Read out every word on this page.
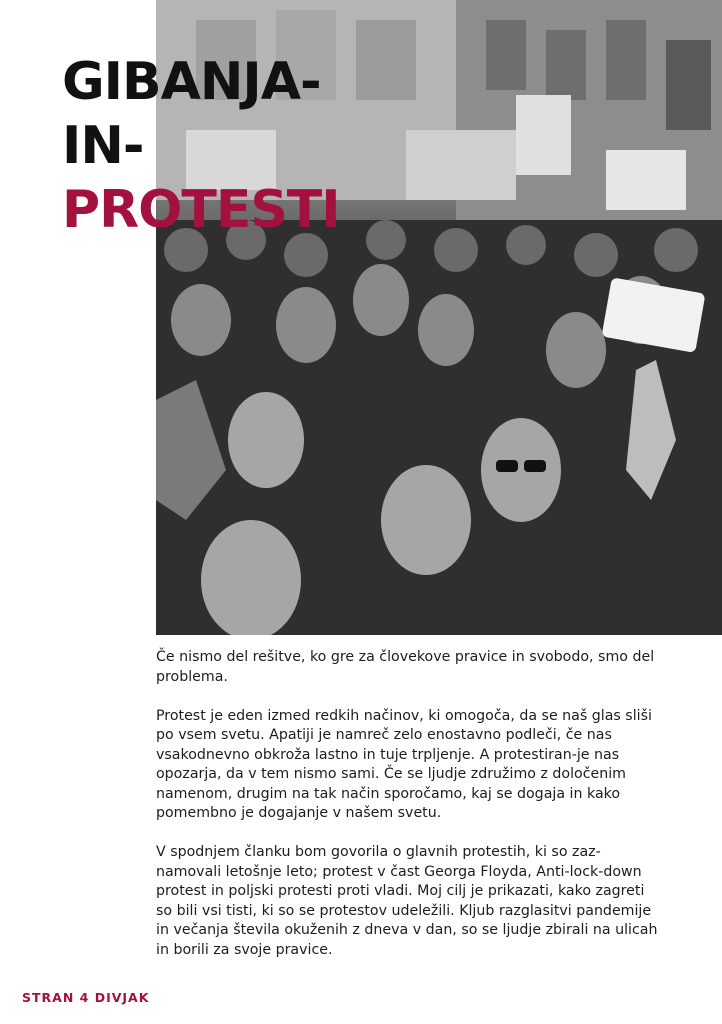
GIBANJA-
IN-
PROTESTI

Če nismo del rešitve, ko gre za človekove pravice in svobodo, smo del problema.

Protest je eden izmed redkih načinov, ki omogoča, da se naš glas sliši po vsem svetu. Apatiji je namreč zelo enostavno podleči, če nas vsakodnevno obkroža lastno in tuje trpljenje. A protestiran-je nas opozarja, da v tem nismo sami. Če se ljudje združimo z določenim namenom, drugim na tak način sporočamo, kaj se dogaja in kako pomembno je dogajanje v našem svetu.

V spodnjem članku bom govorila o glavnih protestih, ki so zaz-namovali letošnje leto; protest v čast Georga Floyda, Anti-lock-down protest in poljski protesti proti vladi. Moj cilj je prikazati, kako zagreti so bili vsi tisti, ki so se protestov udeležili. Kljub razglasitvi pandemije in večanja števila okuženih z dneva v dan, so se ljudje zbirali na ulicah in borili za svoje pravice.

STRAN 4 DIVJAK
